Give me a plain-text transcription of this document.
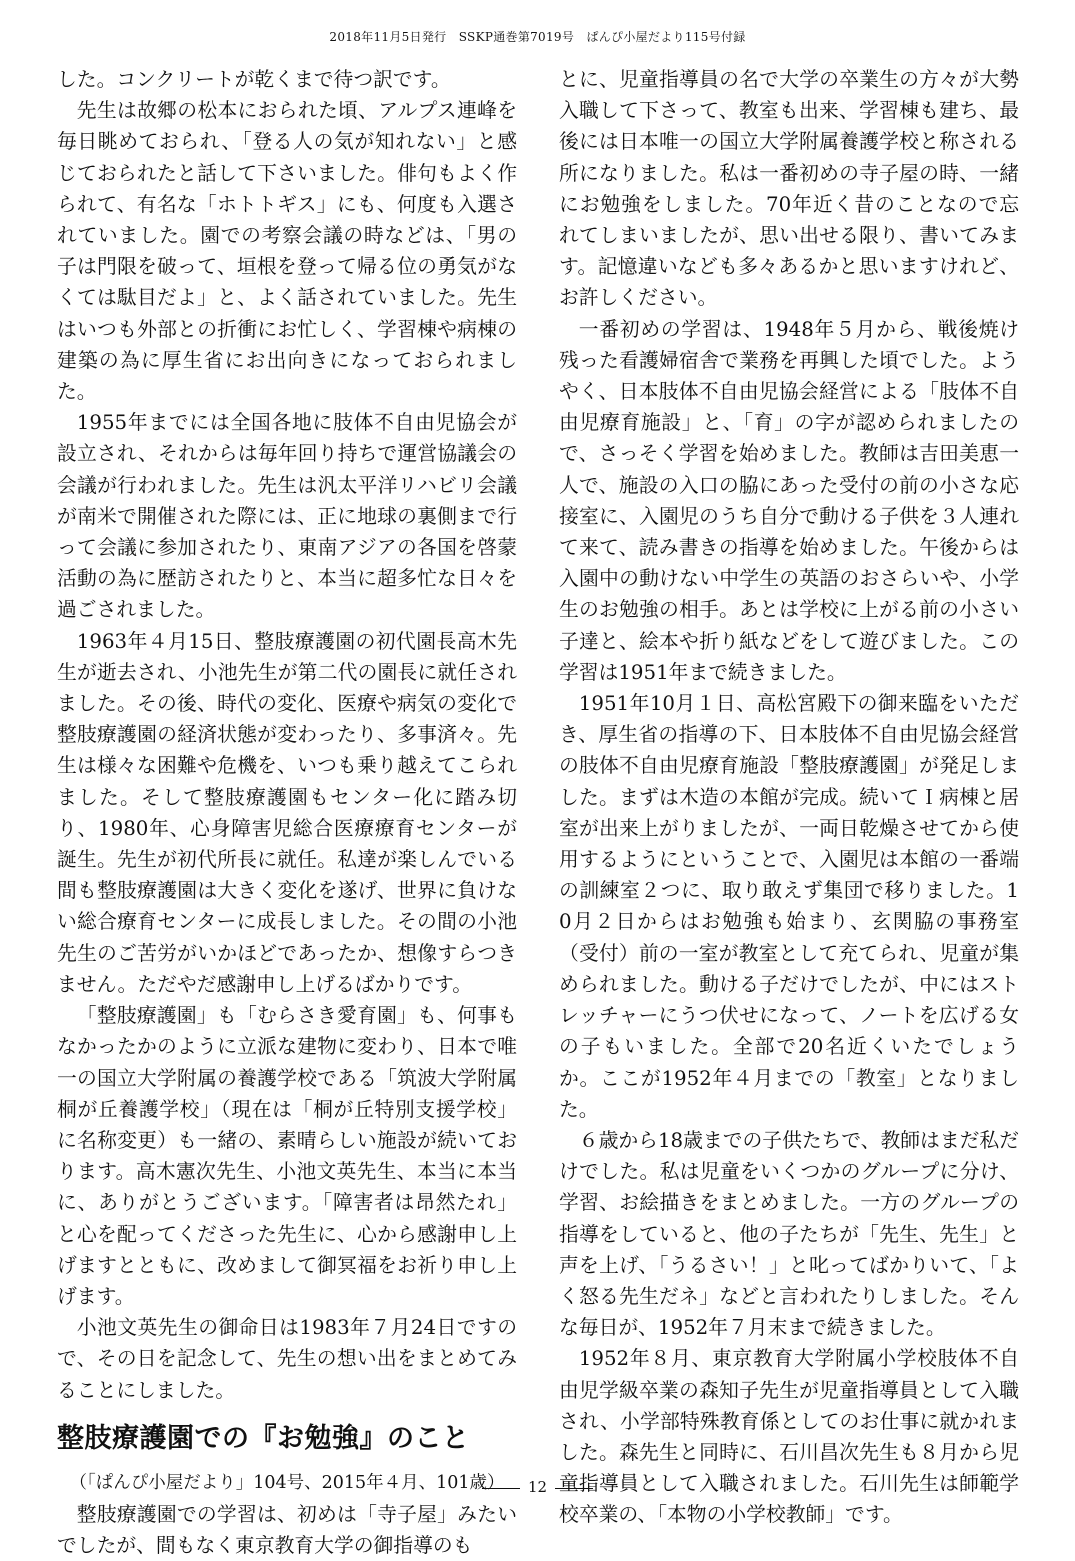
2018年11月5日発行　SSKP通巻第7019号　ぱんぴ小屋だより115号付録

した。コンクリートが乾くまで待つ訳です。

先生は故郷の松本におられた頃、アルプス連峰を毎日眺めておられ、「登る人の気が知れない」と感じておられたと話して下さいました。俳句もよく作られて、有名な「ホトトギス」にも、何度も入選されていました。園での考察会議の時などは、「男の子は門限を破って、垣根を登って帰る位の勇気がなくては駄目だよ」と、よく話されていました。先生はいつも外部との折衝にお忙しく、学習棟や病棟の建築の為に厚生省にお出向きになっておられました。

1955年までには全国各地に肢体不自由児協会が設立され、それからは毎年回り持ちで運営協議会の会議が行われました。先生は汎太平洋リハビリ会議が南米で開催された際には、正に地球の裏側まで行って会議に参加されたり、東南アジアの各国を啓蒙活動の為に歴訪されたりと、本当に超多忙な日々を過ごされました。

1963年４月15日、整肢療護園の初代園長高木先生が逝去され、小池先生が第二代の園長に就任されました。その後、時代の変化、医療や病気の変化で整肢療護園の経済状態が変わったり、多事済々。先生は様々な困難や危機を、いつも乗り越えてこられました。そして整肢療護園もセンター化に踏み切り、1980年、心身障害児総合医療療育センターが誕生。先生が初代所長に就任。私達が楽しんでいる間も整肢療護園は大きく変化を遂げ、世界に負けない総合療育センターに成長しました。その間の小池先生のご苦労がいかほどであったか、想像すらつきません。ただやだ感謝申し上げるばかりです。

「整肢療護園」も「むらさき愛育園」も、何事もなかったかのように立派な建物に変わり、日本で唯一の国立大学附属の養護学校である「筑波大学附属桐が丘養護学校」（現在は「桐が丘特別支援学校」に名称変更）も一緒の、素晴らしい施設が続いております。高木憲次先生、小池文英先生、本当に本当に、ありがとうございます。「障害者は昂然たれ」と心を配ってくださった先生に、心から感謝申し上げますとともに、改めまして御冥福をお祈り申し上げます。

小池文英先生の御命日は1983年７月24日ですので、その日を記念して、先生の想い出をまとめてみることにしました。

整肢療護園での『お勉強』のこと

（「ぱんぴ小屋だより」104号、2015年４月、101歳）

整肢療護園での学習は、初めは「寺子屋」みたいでしたが、間もなく東京教育大学の御指導のも

とに、児童指導員の名で大学の卒業生の方々が大勢入職して下さって、教室も出来、学習棟も建ち、最後には日本唯一の国立大学附属養護学校と称される所になりました。私は一番初めの寺子屋の時、一緒にお勉強をしました。70年近く昔のことなので忘れてしまいましたが、思い出せる限り、書いてみます。記憶違いなども多々あるかと思いますけれど、お許しください。

一番初めの学習は、1948年５月から、戦後焼け残った看護婦宿舎で業務を再興した頃でした。ようやく、日本肢体不自由児協会経営による「肢体不自由児療育施設」と、「育」の字が認められましたので、さっそく学習を始めました。教師は吉田美恵一人で、施設の入口の脇にあった受付の前の小さな応接室に、入園児のうち自分で動ける子供を３人連れて来て、読み書きの指導を始めました。午後からは入園中の動けない中学生の英語のおさらいや、小学生のお勉強の相手。あとは学校に上がる前の小さい子達と、絵本や折り紙などをして遊びました。この学習は1951年まで続きました。

1951年10月１日、高松宮殿下の御来臨をいただき、厚生省の指導の下、日本肢体不自由児協会経営の肢体不自由児療育施設「整肢療護園」が発足しました。まずは木造の本館が完成。続いてＩ病棟と居室が出来上がりましたが、一両日乾燥させてから使用するようにということで、入園児は本館の一番端の訓練室２つに、取り敢えず集団で移りました。10月２日からはお勉強も始まり、玄関脇の事務室（受付）前の一室が教室として充てられ、児童が集められました。動ける子だけでしたが、中にはストレッチャーにうつ伏せになって、ノートを広げる女の子もいました。全部で20名近くいたでしょうか。ここが1952年４月までの「教室」となりました。

６歳から18歳までの子供たちで、教師はまだ私だけでした。私は児童をいくつかのグループに分け、学習、お絵描きをまとめました。一方のグループの指導をしていると、他の子たちが「先生、先生」と声を上げ、「うるさい！」と叱ってばかりいて、「よく怒る先生だネ」などと言われたりしました。そんな毎日が、1952年７月末まで続きました。

1952年８月、東京教育大学附属小学校肢体不自由児学級卒業の森知子先生が児童指導員として入職され、小学部特殊教育係としてのお仕事に就かれました。森先生と同時に、石川昌次先生も８月から児童指導員として入職されました。石川先生は師範学校卒業の、「本物の小学校教師」です。

12
